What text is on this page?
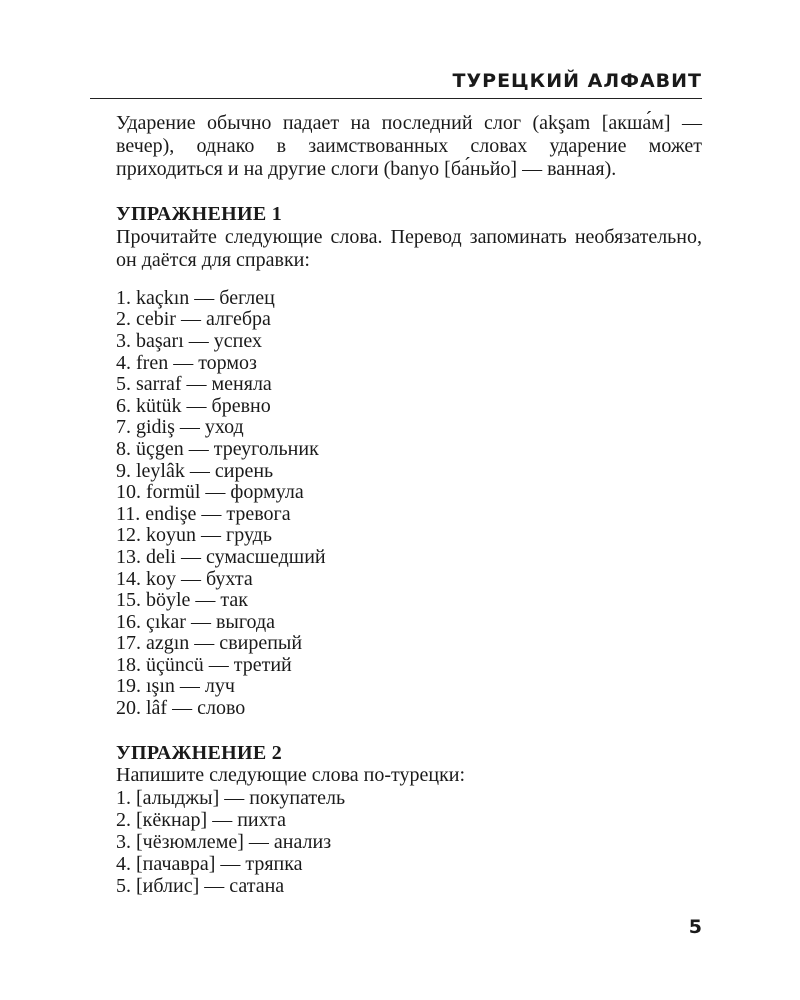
ТУРЕЦКИЙ АЛФАВИТ

Ударение обычно падает на последний слог (akşam [акша́м] — вечер), однако в заимствованных словах ударение может приходиться и на другие слоги (banyo [ба́ньйо] — ванная).

УПРАЖНЕНИЕ 1

Прочитайте следующие слова. Перевод запоминать необязательно, он даётся для справки:

1. kaçkın — беглец
2. cebir — алгебра
3. başarı — успех
4. fren — тормоз
5. sarraf — меняла
6. kütük — бревно
7. gidiş — уход
8. üçgen — треугольник
9. leylâk — сирень
10. formül — формула
11. endişe — тревога
12. koyun — грудь
13. deli — сумасшедший
14. koy — бухта
15. böyle — так
16. çıkar — выгода
17. azgın — свирепый
18. üçüncü — третий
19. ışın — луч
20. lâf — слово
УПРАЖНЕНИЕ 2

Напишите следующие слова по-турецки:

1. [алыджы] — покупатель
2. [кёкнар] — пихта
3. [чёзюмлеме] — анализ
4. [пачавра] — тряпка
5. [иблис] — сатана
5
